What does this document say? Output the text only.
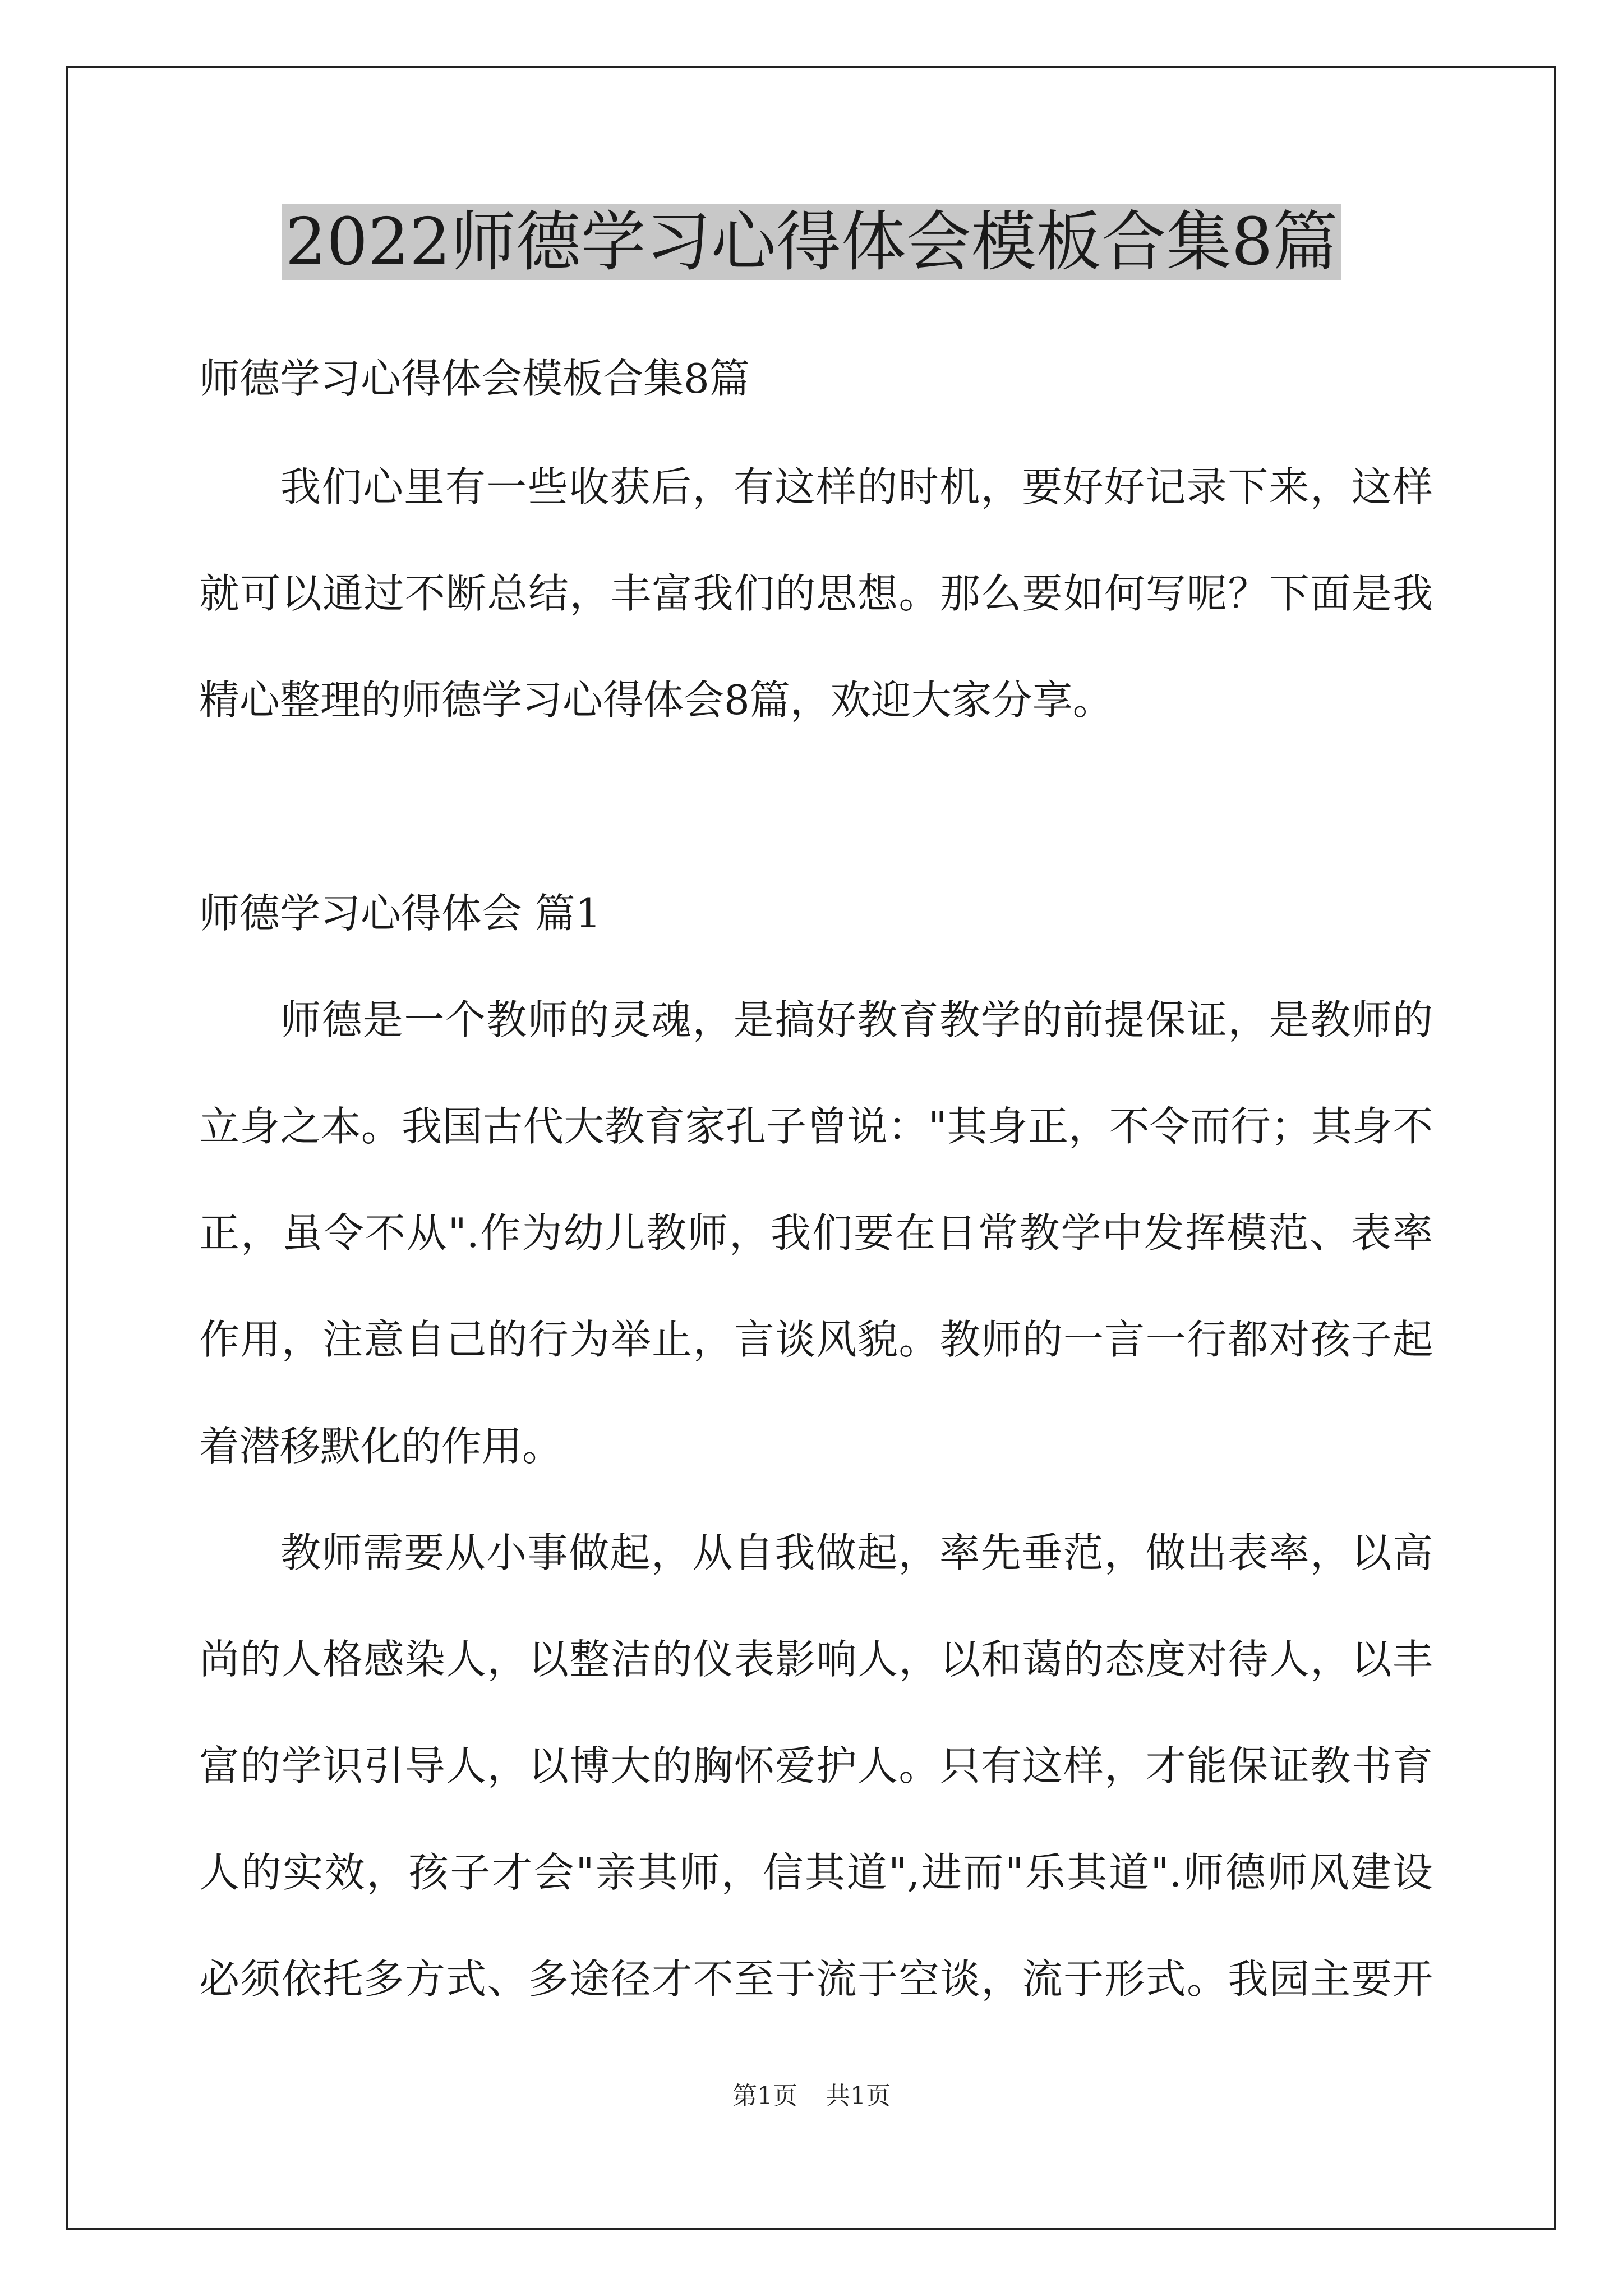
2022师德学习心得体会模板合集8篇

师德学习心得体会模板合集8篇

我们心里有一些收获后，有这样的时机，要好好记录下来，这样

就可以通过不断总结，丰富我们的思想。那么要如何写呢？下面是我

精心整理的师德学习心得体会8篇，欢迎大家分享。

师德学习心得体会 篇1

师德是一个教师的灵魂，是搞好教育教学的前提保证，是教师的

立身之本。我国古代大教育家孔子曾说："其身正，不令而行；其身不

正，虽令不从".作为幼儿教师，我们要在日常教学中发挥模范、表率

作用，注意自己的行为举止，言谈风貌。教师的一言一行都对孩子起

着潜移默化的作用。

教师需要从小事做起，从自我做起，率先垂范，做出表率，以高

尚的人格感染人，以整洁的仪表影响人，以和蔼的态度对待人，以丰

富的学识引导人，以博大的胸怀爱护人。只有这样，才能保证教书育

人的实效，孩子才会"亲其师，信其道",进而"乐其道".师德师风建设

必须依托多方式、多途径才不至于流于空谈，流于形式。我园主要开

第1页 共1页
